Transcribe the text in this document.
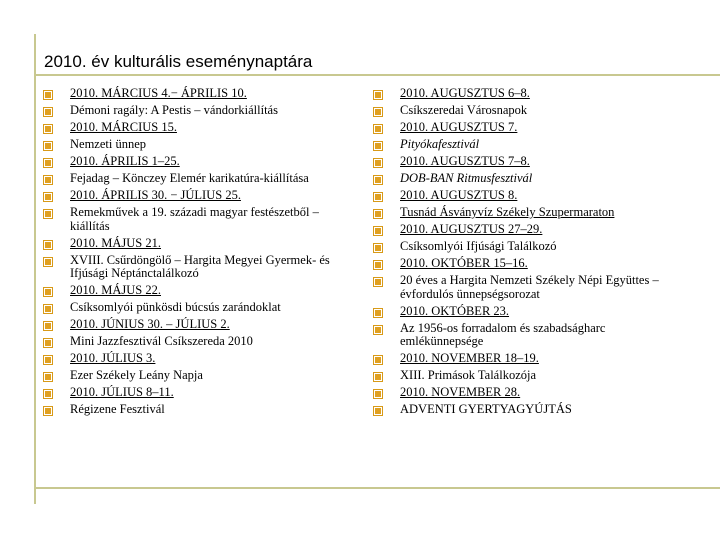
2010. év kulturális eseménynaptára
2010. MÁRCIUS 4.− ÁPRILIS 10.
Démoni ragály: A Pestis – vándorkiállítás
2010. MÁRCIUS 15.
Nemzeti ünnep
2010. ÁPRILIS 1–25.
Fejadag – Könczey Elemér karikatúra-kiállítása
2010. ÁPRILIS 30. − JÚLIUS 25.
Remekművek a 19. századi magyar festészetből – kiállítás
2010. MÁJUS 21.
XVIII. Csűrdöngölő – Hargita Megyei Gyermek- és Ifjúsági Néptánctalálkozó
2010. MÁJUS 22.
Csíksomlyói pünkösdi búcsús zarándoklat
2010. JÚNIUS 30. – JÚLIUS 2.
Mini Jazzfesztivál Csíkszereda 2010
2010. JÚLIUS 3.
Ezer Székely Leány Napja
2010. JÚLIUS 8–11.
Régizene Fesztivál
2010. AUGUSZTUS 6–8.
Csíkszeredai Városnapok
2010. AUGUSZTUS 7.
Pityókafesztivál
2010. AUGUSZTUS 7–8.
DOB-BAN Ritmusfesztivál
2010. AUGUSZTUS 8.
Tusnád Ásványvíz Székely Szupermaraton
2010. AUGUSZTUS 27–29.
Csíksomlyói Ifjúsági Találkozó
2010. OKTÓBER 15–16.
20 éves a Hargita Nemzeti Székely Népi Együttes – évfordulós ünnepségsorozat
2010. OKTÓBER 23.
Az 1956-os forradalom és szabadságharc emlékünnepsége
2010. NOVEMBER 18–19.
XIII. Primások Találkozója
2010. NOVEMBER 28.
ADVENTI GYERTYAGYÚJTÁS
